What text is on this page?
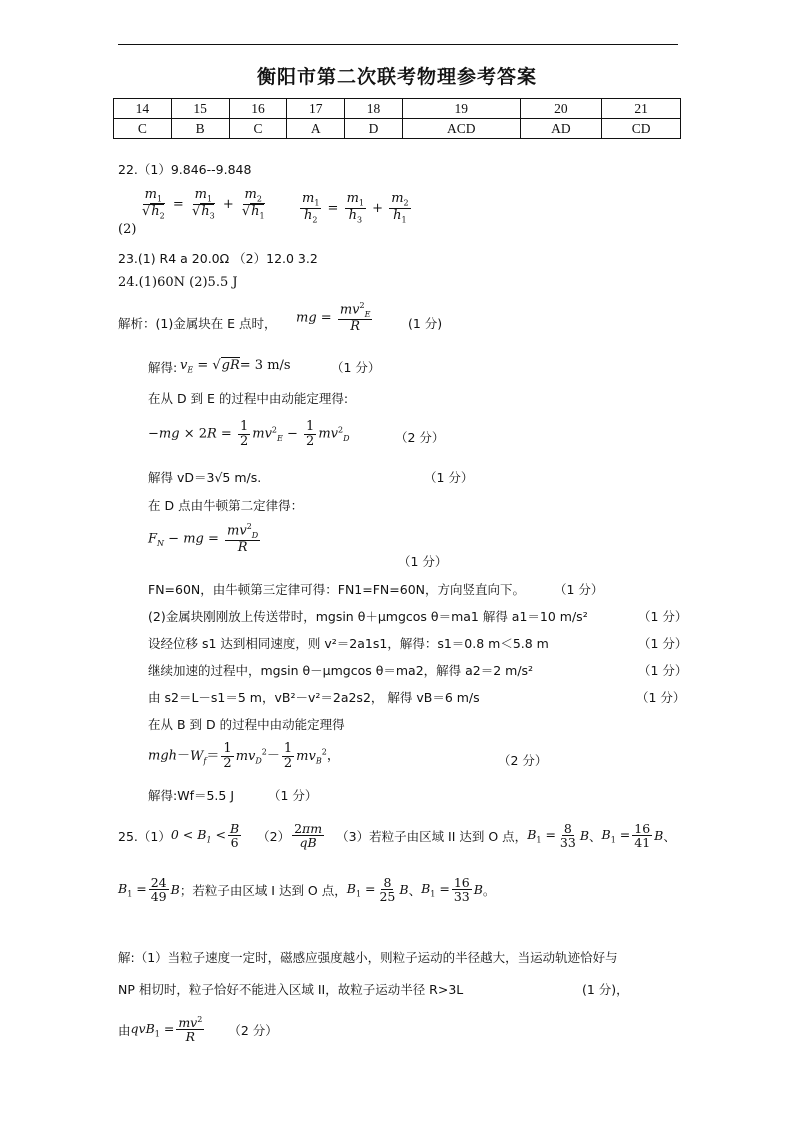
衡阳市第二次联考物理参考答案
14	15	16	17	18	19	20	21
C	B	C	A	D	ACD	AD	CD
22.（1）9.846--9.848
(2)
$\frac{m_1}{√h_2} = \frac{m_1}{√h_3} + \frac{m_2}{√h_1}$	$\frac{m_1}{h_2} = \frac{m_1}{h_3} + \frac{m_2}{h_1}$
23.(1) R4 a 20.0Ω （2）12.0 3.2
24.(1)60N (2)5.5 J
解析：(1)金属块在 E 点时， mg = $\frac{mv^2_E}{R}$	(1 分)
解得: $v_E = √gR= 3$ m/s	（1 分）
在从 D 到 E 的过程中由动能定理得:
$-mg \times 2R = \frac{1}{2} mv^2_E - \frac{1}{2} mv^2_D$	（2 分）
解得 vD＝3√5 m/s.	（1 分）
在 D 点由牛顿第二定律得：
$F_N$ − mg = $\frac{mv^2_D}{R}$
（1 分）
FN=60N，由牛顿第三定律可得：FN1=FN=60N，方向竖直向下。 （1 分）
(2)金属块刚刚放上传送带时，mgsin θ＋μmgcos θ＝ma1 解得 a1＝10 m/s²	（1 分）
设经位移 s1 达到相同速度，则 v²＝2a1s1，解得：s1＝0.8 m＜5.8 m	（1 分）
继续加速的过程中，mgsin θ－μmgcos θ＝ma2，解得 a2＝2 m/s²	（1 分）
由 s2＝L－s1＝5 m，vB²－v²＝2a2s2， 解得 vB＝6 m/s	（1 分）
在从 B 到 D 的过程中由动能定理得
$mgh-W_f= \frac{1}{2} mv_D^2- \frac{1}{2} mv_B^2$，	（2 分）
解得:Wf＝5.5 J	（1 分）
25.（1） $0 < B_1 < \frac{B}{6} (2) \frac{2\pi m}{qB} (3)$若粒子由区域 II 达到 O 点， $B_1 = \frac{8}{33}$ B 、 $B_1 = \frac{16}{41}$ B 、
$B_1 = \frac{24}{49}$ B ；若粒子由区域 I 达到 O 点， $B_1 = \frac{8}{25}$ B 、 $B_1 = \frac{16}{33}$ B 。
解:（1）当粒子速度一定时，磁感应强度越小，则粒子运动的半径越大，当运动轨迹恰好与
NP 相切时，粒子恰好不能进入区域 II，故粒子运动半径 R>3L	(1 分)，
由 $qvB_1 = \frac{mv^2}{R} (2$ 分）
